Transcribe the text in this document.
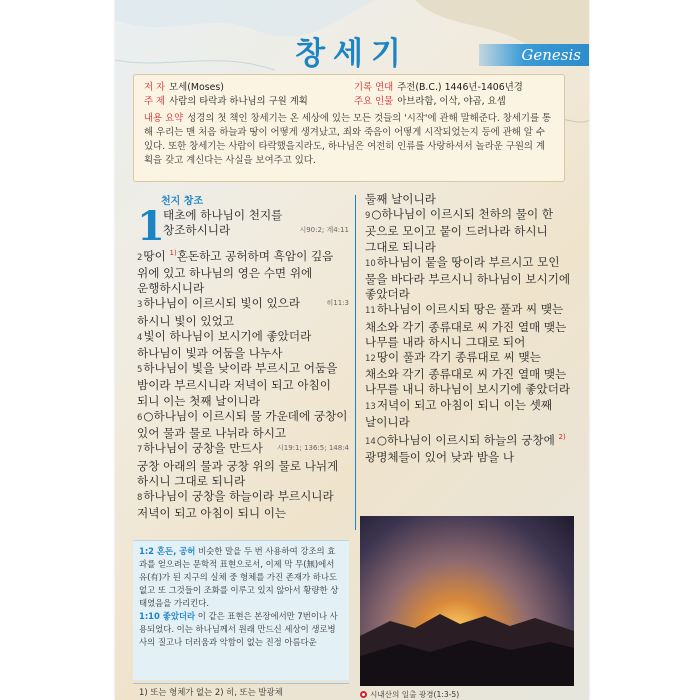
창세기	Genesis
저 자 모세(Moses)	기록 연대 주전(B.C.) 1446년-1406년경
주 제 사람의 타락과 하나님의 구원 계획	주요 인물 아브라함, 이삭, 야곱, 요셉
내용 요약 성경의 첫 책인 창세기는 온 세상에 있는 모든 것들의 '시작'에 관해 말해준다. 창세기를 통해 우리는 맨 처음 하늘과 땅이 어떻게 생겨났고, 죄와 죽음이 어떻게 시작되었는지 등에 관해 알 수 있다. 또한 창세기는 사람이 타락했을지라도, 하나님은 여전히 인류를 사랑하셔서 놀라운 구원의 계획을 갖고 계신다는 사실을 보여주고 있다.
천지 창조
1
태초에 하나님이 천지를 창조하시니라	시90:2; 계4:11
2땅이 $^{1)}$혼돈하고 공허하며 흑암이 깊음 위에 있고 하나님의 영은 수면 위에 운행하시니라
히11:3
3하나님이 이르시되 빛이 있으라 하시니 빛이 있었고
4빛이 하나님이 보시기에 좋았더라 하나님이 빛과 어둠을 나누사
5하나님이 빛을 낮이라 부르시고 어둠을 밤이라 부르시니라 저녁이 되고 아침이 되니 이는 첫째 날이니라
6○하나님이 이르시되 물 가운데에 궁창이 있어 물과 물로 나뉘라 하시고
시19:1; 136:5; 148:4
7하나님이 궁창을 만드사 궁창 아래의 물과 궁창 위의 물로 나뉘게 하시니 그대로 되니라
8하나님이 궁창을 하늘이라 부르시니라 저녁이 되고 아침이 되니 이는
둘째 날이니라
9○하나님이 이르시되 천하의 물이 한 곳으로 모이고 뭍이 드러나라 하시니 그대로 되니라
10하나님이 뭍을 땅이라 부르시고 모인 물을 바다라 부르시니 하나님이 보시기에 좋았더라
11하나님이 이르시되 땅은 풀과 씨 맺는 채소와 각기 종류대로 씨 가진 열매 맺는 나무를 내라 하시니 그대로 되어
12땅이 풀과 각기 종류대로 씨 맺는 채소와 각기 종류대로 씨 가진 열매 맺는 나무를 내니 하나님이 보시기에 좋았더라
13저녁이 되고 아침이 되니 이는 셋째 날이니라
14○하나님이 이르시되 하늘의 궁창에 $^{2)}$광명체들이 있어 낮과 밤을 나
1:2 혼돈, 공허 비슷한 말을 두 번 사용하여 강조의 효과를 얻으려는 문학적 표현으로서, 이제 막 무(無)에서 유(有)가 된 지구의 실체 중 형체를 가진 존재가 하나도 없고 또 그것들이 조화를 이루고 있지 않아서 황량한 상태였음을 가리킨다.
1:10 좋았더라 이 같은 표현은 본장에서만 7번이나 사용되었다. 이는 하나님께서 원래 만드신 세상이 생로병사의 질고나 더러움과 악함이 없는 진정 아름다운
1) 또는 형체가 없는 2) 히, 또는 발광체	시내산의 일출 광경(1:3-5)
